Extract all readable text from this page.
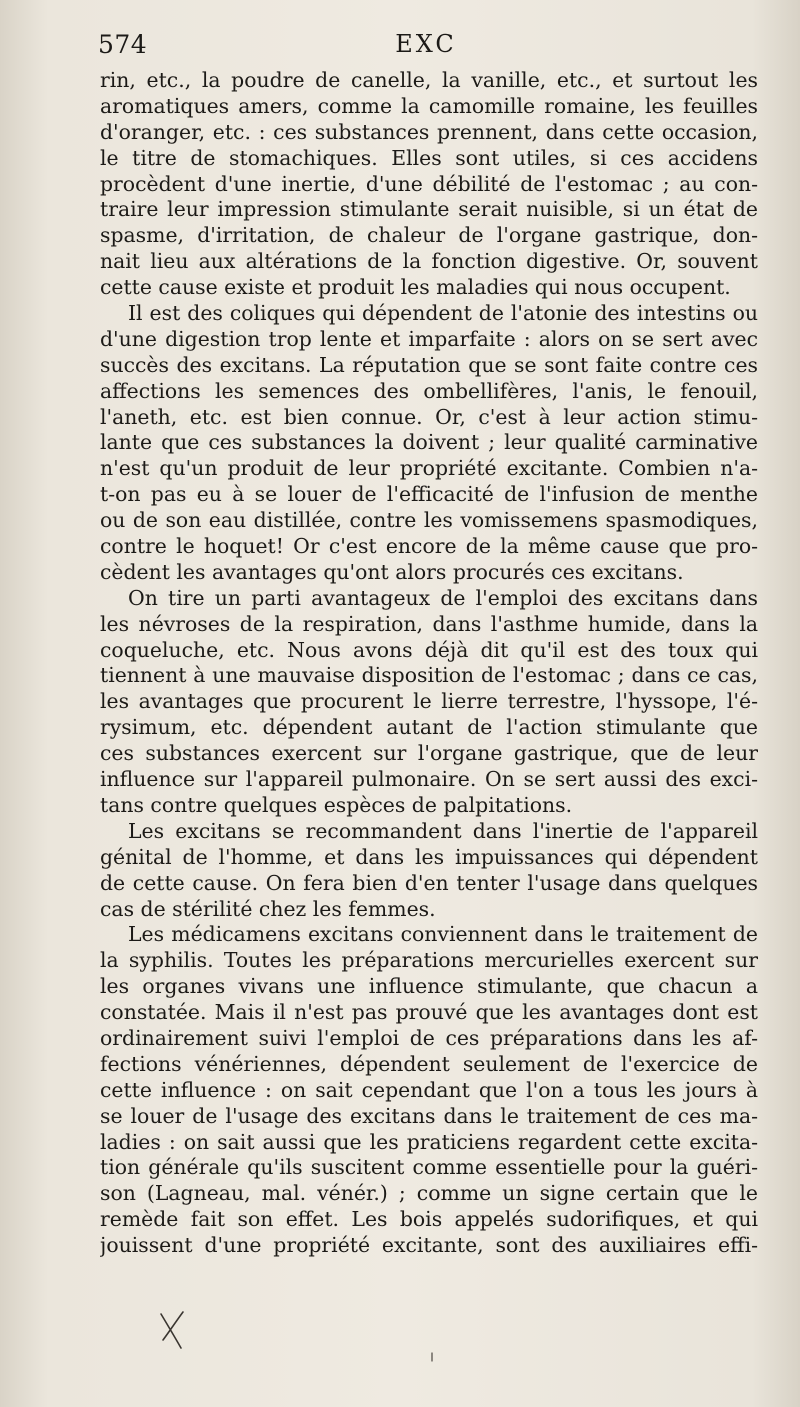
574	EXC
rin, etc., la poudre de canelle, la vanille, etc., et surtout les
aromatiques amers, comme la camomille romaine, les feuilles
d'oranger, etc. : ces substances prennent, dans cette occasion,
le titre de stomachiques. Elles sont utiles, si ces accidens
procèdent d'une inertie, d'une débilité de l'estomac ; au con-
traire leur impression stimulante serait nuisible, si un état de
spasme, d'irritation, de chaleur de l'organe gastrique, don-
nait lieu aux altérations de la fonction digestive. Or, souvent
cette cause existe et produit les maladies qui nous occupent.
Il est des coliques qui dépendent de l'atonie des intestins ou
d'une digestion trop lente et imparfaite : alors on se sert avec
succès des excitans. La réputation que se sont faite contre ces
affections les semences des ombellifères, l'anis, le fenouil,
l'aneth, etc. est bien connue. Or, c'est à leur action stimu-
lante que ces substances la doivent ; leur qualité carminative
n'est qu'un produit de leur propriété excitante. Combien n'a-
t-on pas eu à se louer de l'efficacité de l'infusion de menthe
ou de son eau distillée, contre les vomissemens spasmodiques,
contre le hoquet! Or c'est encore de la même cause que pro-
cèdent les avantages qu'ont alors procurés ces excitans.
On tire un parti avantageux de l'emploi des excitans dans
les névroses de la respiration, dans l'asthme humide, dans la
coqueluche, etc. Nous avons déjà dit qu'il est des toux qui
tiennent à une mauvaise disposition de l'estomac ; dans ce cas,
les avantages que procurent le lierre terrestre, l'hyssope, l'é-
rysimum, etc. dépendent autant de l'action stimulante que
ces substances exercent sur l'organe gastrique, que de leur
influence sur l'appareil pulmonaire. On se sert aussi des exci-
tans contre quelques espèces de palpitations.
Les excitans se recommandent dans l'inertie de l'appareil
génital de l'homme, et dans les impuissances qui dépendent
de cette cause. On fera bien d'en tenter l'usage dans quelques
cas de stérilité chez les femmes.
Les médicamens excitans conviennent dans le traitement de
la syphilis. Toutes les préparations mercurielles exercent sur
les organes vivans une influence stimulante, que chacun a
constatée. Mais il n'est pas prouvé que les avantages dont est
ordinairement suivi l'emploi de ces préparations dans les af-
fections vénériennes, dépendent seulement de l'exercice de
cette influence : on sait cependant que l'on a tous les jours à
se louer de l'usage des excitans dans le traitement de ces ma-
ladies : on sait aussi que les praticiens regardent cette excita-
tion générale qu'ils suscitent comme essentielle pour la guéri-
son (Lagneau, mal. vénér.) ; comme un signe certain que le
remède fait son effet. Les bois appelés sudorifiques, et qui
jouissent d'une propriété excitante, sont des auxiliaires effi-
